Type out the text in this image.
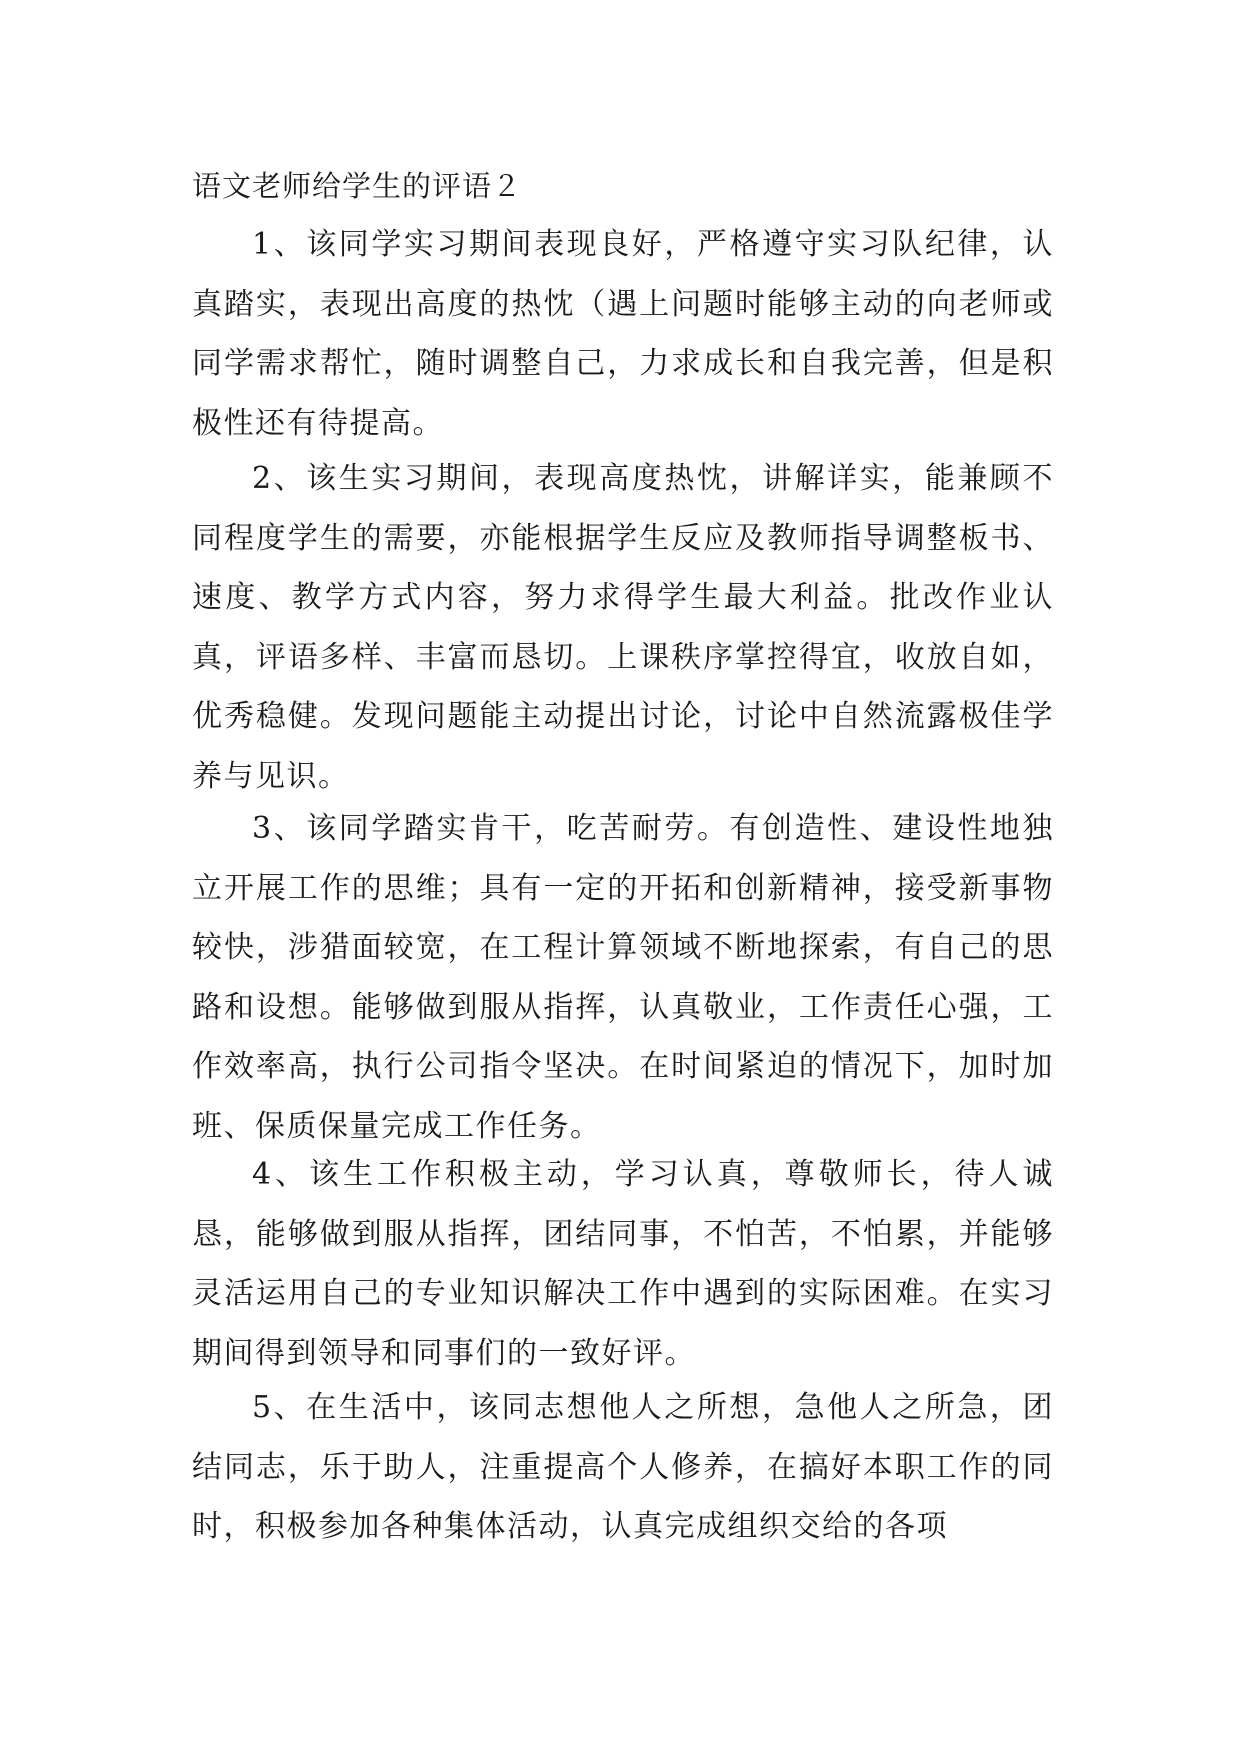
语文老师给学生的评语２

1、该同学实习期间表现良好，严格遵守实习队纪律，认真踏实，表现出高度的热忱（遇上问题时能够主动的向老师或同学需求帮忙，随时调整自己，力求成长和自我完善，但是积极性还有待提高。

2、该生实习期间，表现高度热忱，讲解详实，能兼顾不同程度学生的需要，亦能根据学生反应及教师指导调整板书、速度、教学方式内容，努力求得学生最大利益。批改作业认真，评语多样、丰富而恳切。上课秩序掌控得宜，收放自如，优秀稳健。发现问题能主动提出讨论，讨论中自然流露极佳学养与见识。

3、该同学踏实肯干，吃苦耐劳。有创造性、建设性地独立开展工作的思维；具有一定的开拓和创新精神，接受新事物较快，涉猎面较宽，在工程计算领域不断地探索，有自己的思路和设想。能够做到服从指挥，认真敬业，工作责任心强，工作效率高，执行公司指令坚决。在时间紧迫的情况下，加时加班、保质保量完成工作任务。

4、该生工作积极主动，学习认真，尊敬师长，待人诚恳，能够做到服从指挥，团结同事，不怕苦，不怕累，并能够灵活运用自己的专业知识解决工作中遇到的实际困难。在实习期间得到领导和同事们的一致好评。

5、在生活中，该同志想他人之所想，急他人之所急，团结同志，乐于助人，注重提高个人修养，在搞好本职工作的同时，积极参加各种集体活动，认真完成组织交给的各项
